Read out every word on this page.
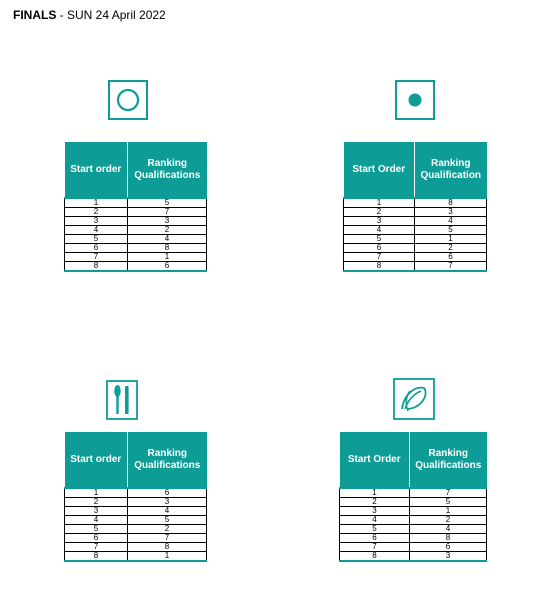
FINALS - SUN 24 April 2022
Start order	Ranking Qualifications
1	5
2	7
3	3
4	2
5	4
6	8
7	1
8	6
Start Order	Ranking Qualification
1	8
2	3
3	4
4	5
5	1
6	2
7	6
8	7
Start order	Ranking Qualifications
1	6
2	3
3	4
4	5
5	2
6	7
7	8
8	1
Start Order	Ranking Qualifications
1	7
2	5
3	1
4	2
5	4
6	8
7	6
8	3
